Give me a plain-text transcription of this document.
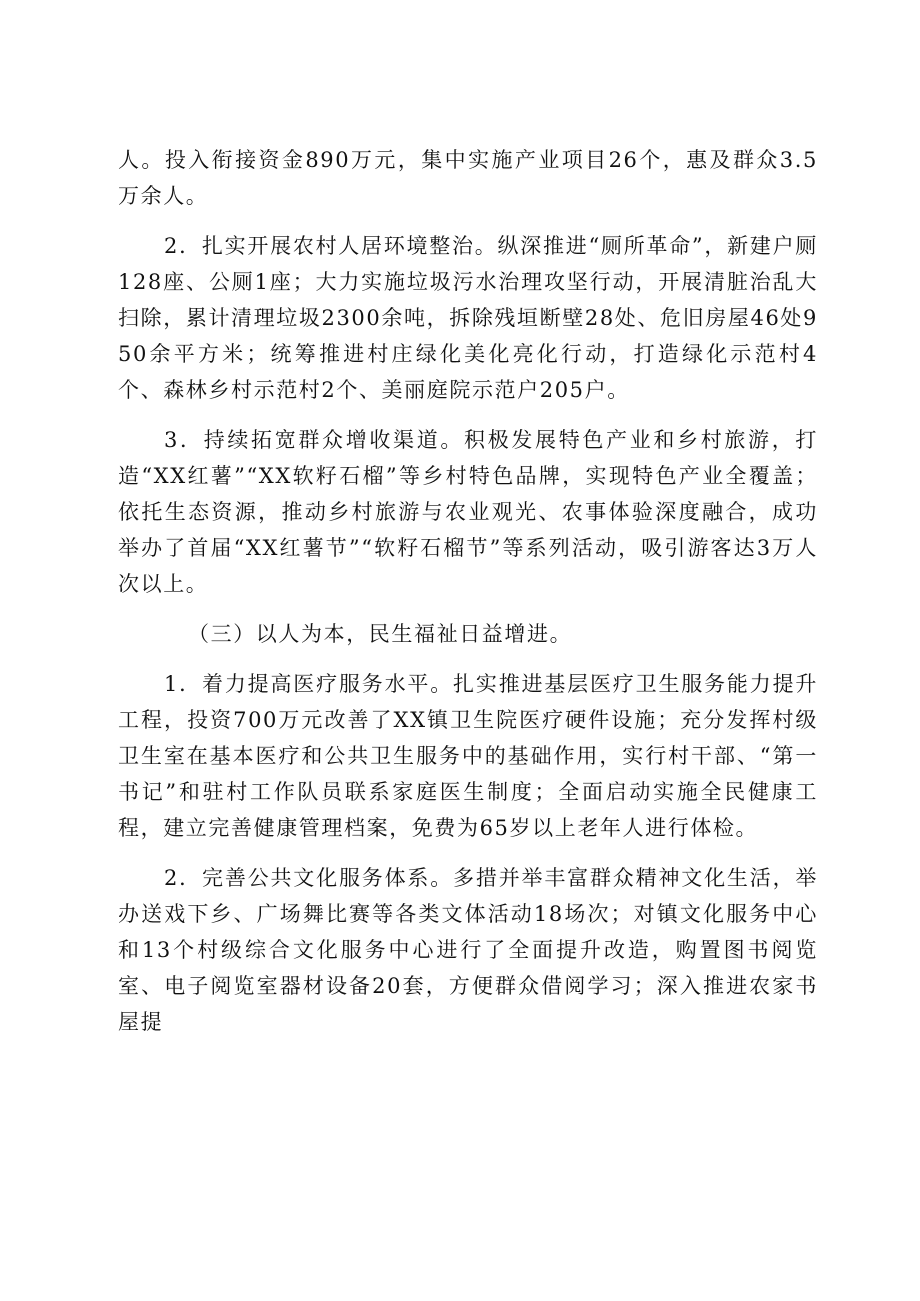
人。投入衔接资金890万元，集中实施产业项目26个，惠及群众3.5万余人。

2．扎实开展农村人居环境整治。纵深推进“厕所革命”，新建户厕128座、公厕1座；大力实施垃圾污水治理攻坚行动，开展清脏治乱大扫除，累计清理垃圾2300余吨，拆除残垣断壁28处、危旧房屋46处950余平方米；统筹推进村庄绿化美化亮化行动，打造绿化示范村4个、森林乡村示范村2个、美丽庭院示范户205户。

3．持续拓宽群众增收渠道。积极发展特色产业和乡村旅游，打造“XX红薯”“XX软籽石榴”等乡村特色品牌，实现特色产业全覆盖；依托生态资源，推动乡村旅游与农业观光、农事体验深度融合，成功举办了首届“XX红薯节”“软籽石榴节”等系列活动，吸引游客达3万人次以上。

（三）以人为本，民生福祉日益增进。

1．着力提高医疗服务水平。扎实推进基层医疗卫生服务能力提升工程，投资700万元改善了XX镇卫生院医疗硬件设施；充分发挥村级卫生室在基本医疗和公共卫生服务中的基础作用，实行村干部、“第一书记”和驻村工作队员联系家庭医生制度；全面启动实施全民健康工程，建立完善健康管理档案，免费为65岁以上老年人进行体检。

2．完善公共文化服务体系。多措并举丰富群众精神文化生活，举办送戏下乡、广场舞比赛等各类文体活动18场次；对镇文化服务中心和13个村级综合文化服务中心进行了全面提升改造，购置图书阅览室、电子阅览室器材设备20套，方便群众借阅学习；深入推进农家书屋提
